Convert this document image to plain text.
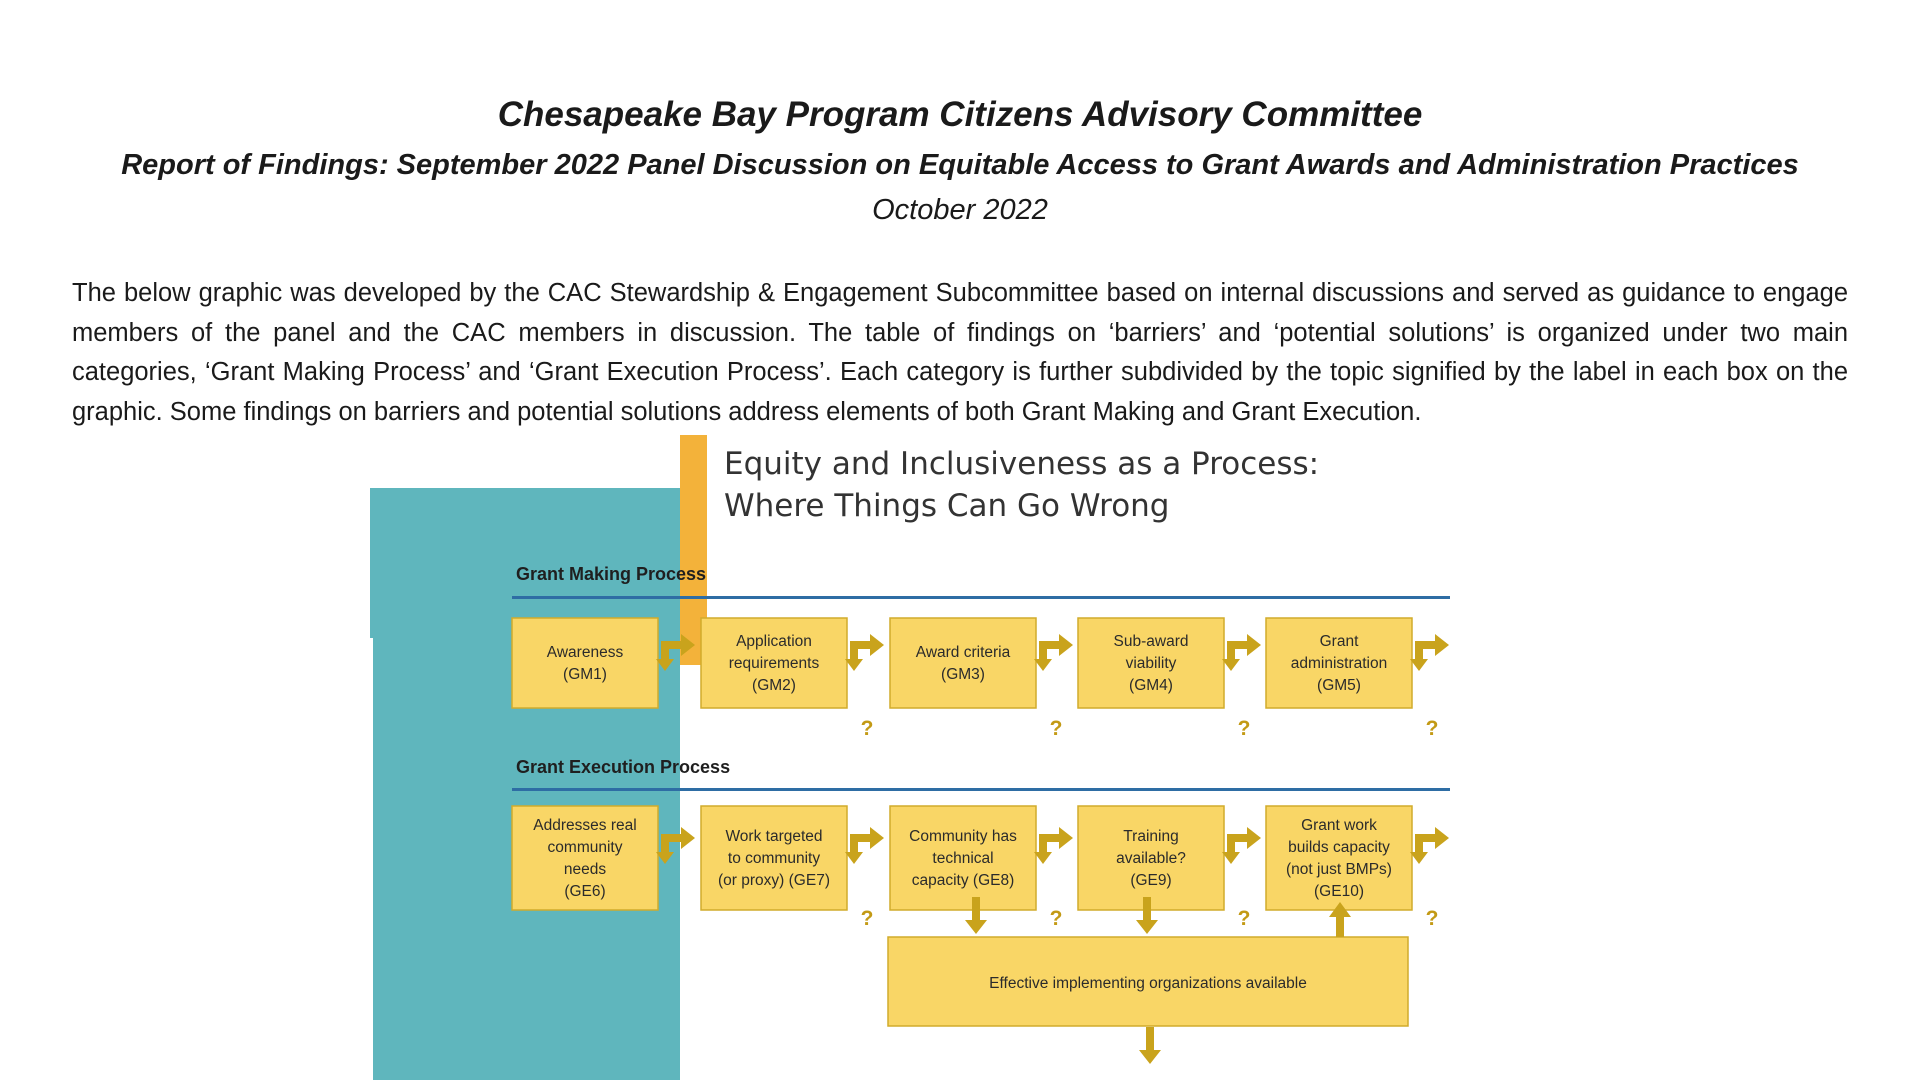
Chesapeake Bay Program Citizens Advisory Committee
Report of Findings: September 2022 Panel Discussion on Equitable Access to Grant Awards and Administration Practices
October 2022

The below graphic was developed by the CAC Stewardship & Engagement Subcommittee based on internal discussions and served as guidance to engage members of the panel and the CAC members in discussion. The table of findings on ‘barriers’ and ‘potential solutions’ is organized under two main categories, ‘Grant Making Process’ and ‘Grant Execution Process’. Each category is further subdivided by the topic signified by the label in each box on the graphic. Some findings on barriers and potential solutions address elements of both Grant Making and Grant Execution.

Equity and Inclusiveness as a Process:
Where Things Can Go Wrong
Grant Making Process
Grant Execution Process
Effective implementing organizations available
Awareness
(GM1)
Application
requirements
(GM2)
?
Award criteria
(GM3)
?
Sub-award
viability
(GM4)
?
Grant
administration
(GM5)
?
Addresses real
community
needs
(GE6)
Work targeted
to community
(or proxy) (GE7)
?
Community has
technical
capacity (GE8)
?
Training
available?
(GE9)
?
Grant work
builds capacity
(not just BMPs)
(GE10)
?
